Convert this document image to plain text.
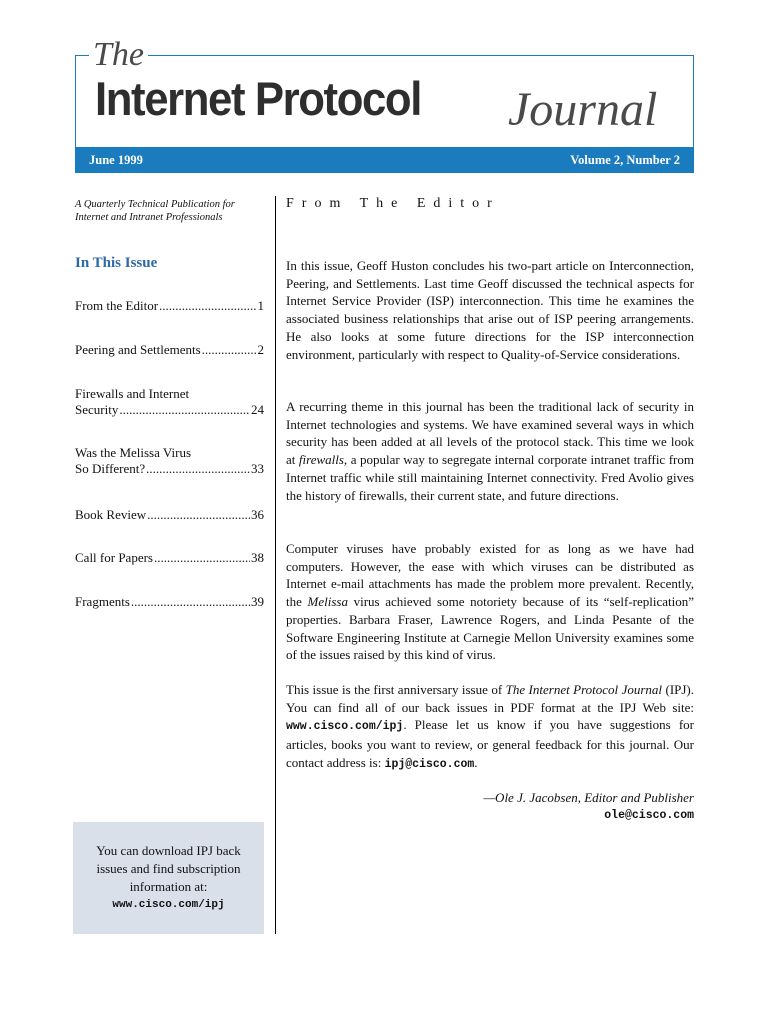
The
Internet Protocol Journal
June 1999	Volume 2, Number 2
A Quarterly Technical Publication for Internet and Intranet Professionals
In This Issue
From the Editor .....	1
Peering and Settlements .....	2
Firewalls and Internet
Security .....	24
Was the Melissa Virus
So Different? .....	33
Book Review .....	36
Call for Papers .....	38
Fragments .....	39
You can download IPJ back issues and find subscription information at:
www.cisco.com/ipj
From The Editor
In this issue, Geoff Huston concludes his two-part article on Interconnection, Peering, and Settlements. Last time Geoff discussed the technical aspects for Internet Service Provider (ISP) interconnection. This time he examines the associated business relationships that arise out of ISP peering arrangements. He also looks at some future directions for the ISP interconnection environment, particularly with respect to Quality-of-Service considerations.
A recurring theme in this journal has been the traditional lack of security in Internet technologies and systems. We have examined several ways in which security has been added at all levels of the protocol stack. This time we look at firewalls, a popular way to segregate internal corporate intranet traffic from Internet traffic while still maintaining Internet connectivity. Fred Avolio gives the history of firewalls, their current state, and future directions.
Computer viruses have probably existed for as long as we have had computers. However, the ease with which viruses can be distributed as Internet e-mail attachments has made the problem more prevalent. Recently, the Melissa virus achieved some notoriety because of its “self-replication” properties. Barbara Fraser, Lawrence Rogers, and Linda Pesante of the Software Engineering Institute at Carnegie Mellon University examines some of the issues raised by this kind of virus.
This issue is the first anniversary issue of The Internet Protocol Journal (IPJ). You can find all of our back issues in PDF format at the IPJ Web site: www.cisco.com/ipj. Please let us know if you have suggestions for articles, books you want to review, or general feedback for this journal. Our contact address is: ipj@cisco.com.
—Ole J. Jacobsen, Editor and Publisher
ole@cisco.com
